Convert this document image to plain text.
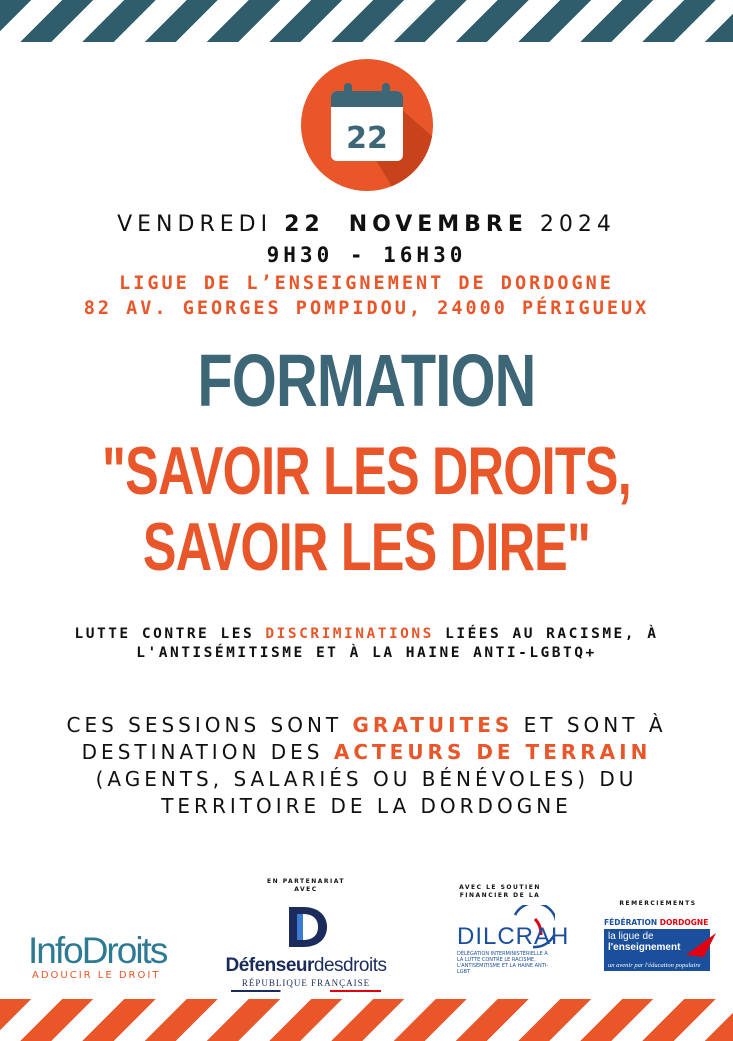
22
VENDREDI 22 NOVEMBRE 2024
9H30 - 16H30
LIGUE DE L’ENSEIGNEMENT DE DORDOGNE
82 AV. GEORGES POMPIDOU, 24000 PÉRIGUEUX
FORMATION
"SAVOIR LES DROITS,
SAVOIR LES DIRE"
LUTTE CONTRE LES DISCRIMINATIONS LIÉES AU RACISME, À L'ANTISÉMITISME ET À LA HAINE ANTI-LGBTQ+
CES SESSIONS SONT GRATUITES ET SONT À DESTINATION DES ACTEURS DE TERRAIN (AGENTS, SALARIÉS OU BÉNÉVOLES) DU TERRITOIRE DE LA DORDOGNE
InfoDroits
ADOUCIR LE DROIT
EN PARTENARIAT AVEC
Défenseurdesdroits
RÉPUBLIQUE FRANÇAISE
AVEC LE SOUTIEN FINANCIER DE LA
DILCRAH
DÉLÉGATION INTERMINISTÉRIELLE À LA LUTTE CONTRE LE RACISME, L'ANTISÉMITISME ET LA HAINE ANTI-LGBT
REMERCIEMENTS
FÉDÉRATION DORDOGNE
la ligue de
l'enseignement
un avenir par l'éducation populaire
